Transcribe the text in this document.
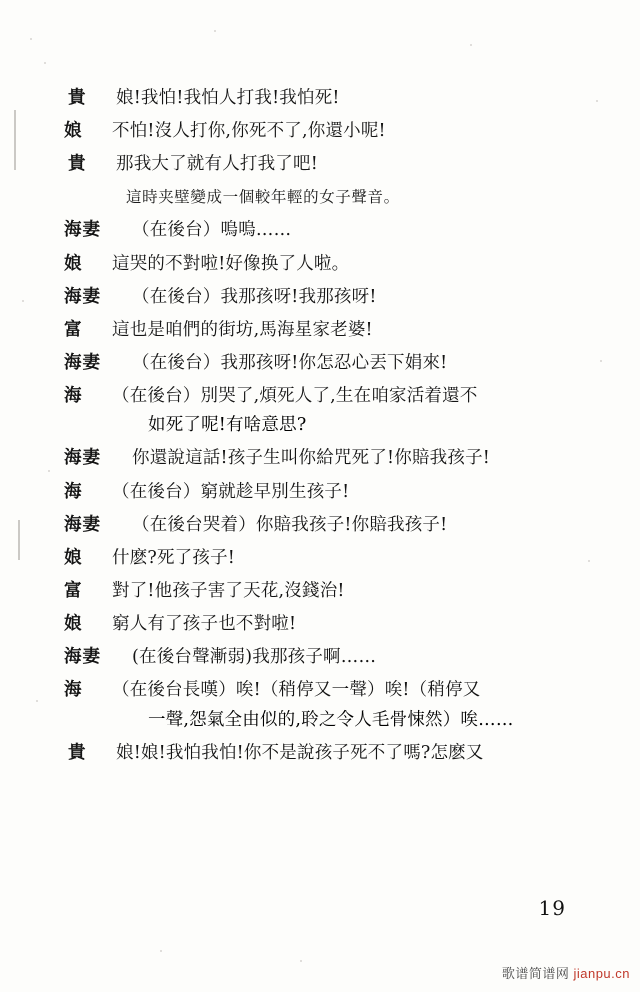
貴	娘!我怕!我怕人打我!我怕死!
娘	不怕!沒人打你,你死不了,你還小呢!
貴	那我大了就有人打我了吧!
這時夹壁變成一個較年輕的女子聲音。
海妻	（在後台）嗚嗚……
娘	這哭的不對啦!好像换了人啦。
海妻	（在後台）我那孩呀!我那孩呀!
富	這也是咱們的街坊,馬海星家老婆!
海妻	（在後台）我那孩呀!你怎忍心丟下娟來!
海	（在後台）別哭了,煩死人了,生在咱家活着還不
如死了呢!有啥意思?
海妻	你還說這話!孩子生叫你給咒死了!你賠我孩子!
海	（在後台）窮就趁早別生孩子!
海妻	（在後台哭着）你賠我孩子!你賠我孩子!
娘	什麽?死了孩子!
富	對了!他孩子害了天花,沒錢治!
娘	窮人有了孩子也不對啦!
海妻	(在後台聲漸弱)我那孩子啊……
海	（在後台長嘆）唉!（稍停又一聲）唉!（稍停又
一聲,怨氣全由似的,聆之令人毛骨悚然）唉……
貴	娘!娘!我怕我怕!你不是說孩子死不了嗎?怎麽又
19
歌谱简谱网 jianpu.cn
